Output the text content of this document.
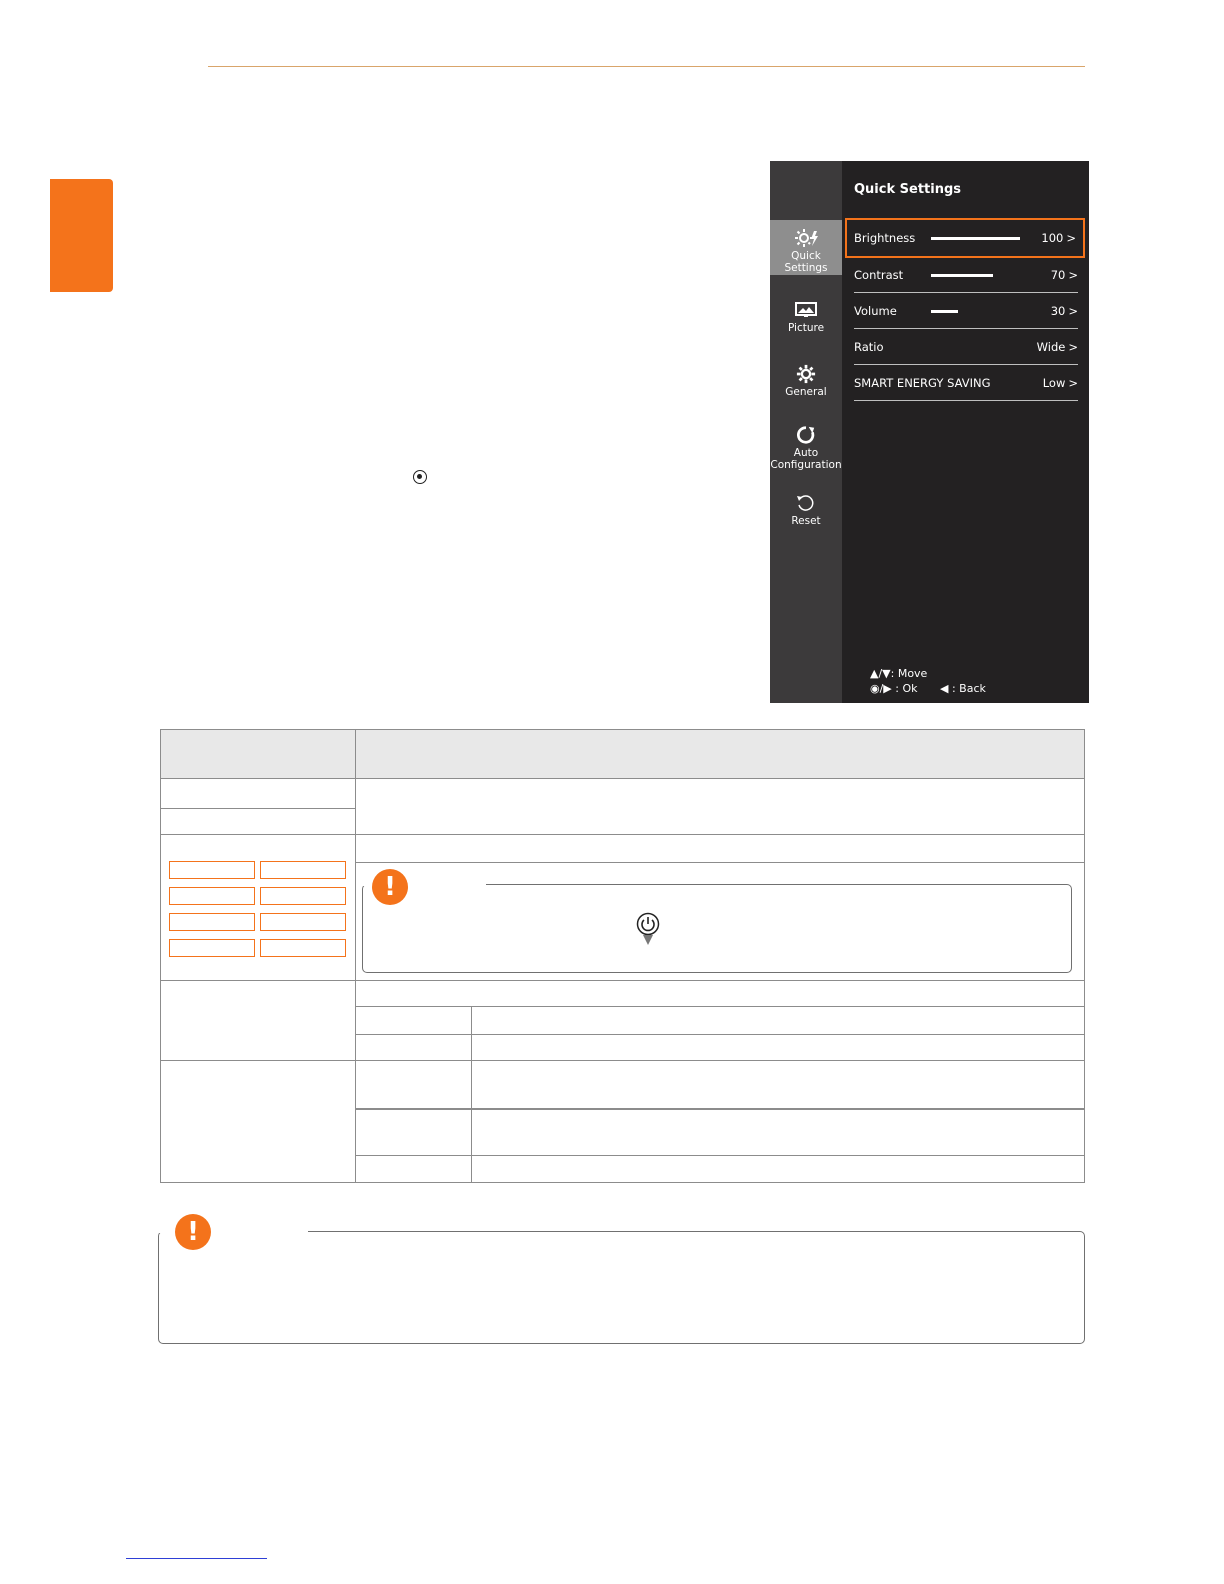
Quick
Settings
Picture
General
Auto
Configuration
Reset
Quick Settings
Brightness	100 >
Contrast	70 >
Volume	30 >
Ratio	Wide >
SMART ENERGY SAVING	Low >
▲/▼: Move
◉/▶ : Ok ◀ : Back
!
!
